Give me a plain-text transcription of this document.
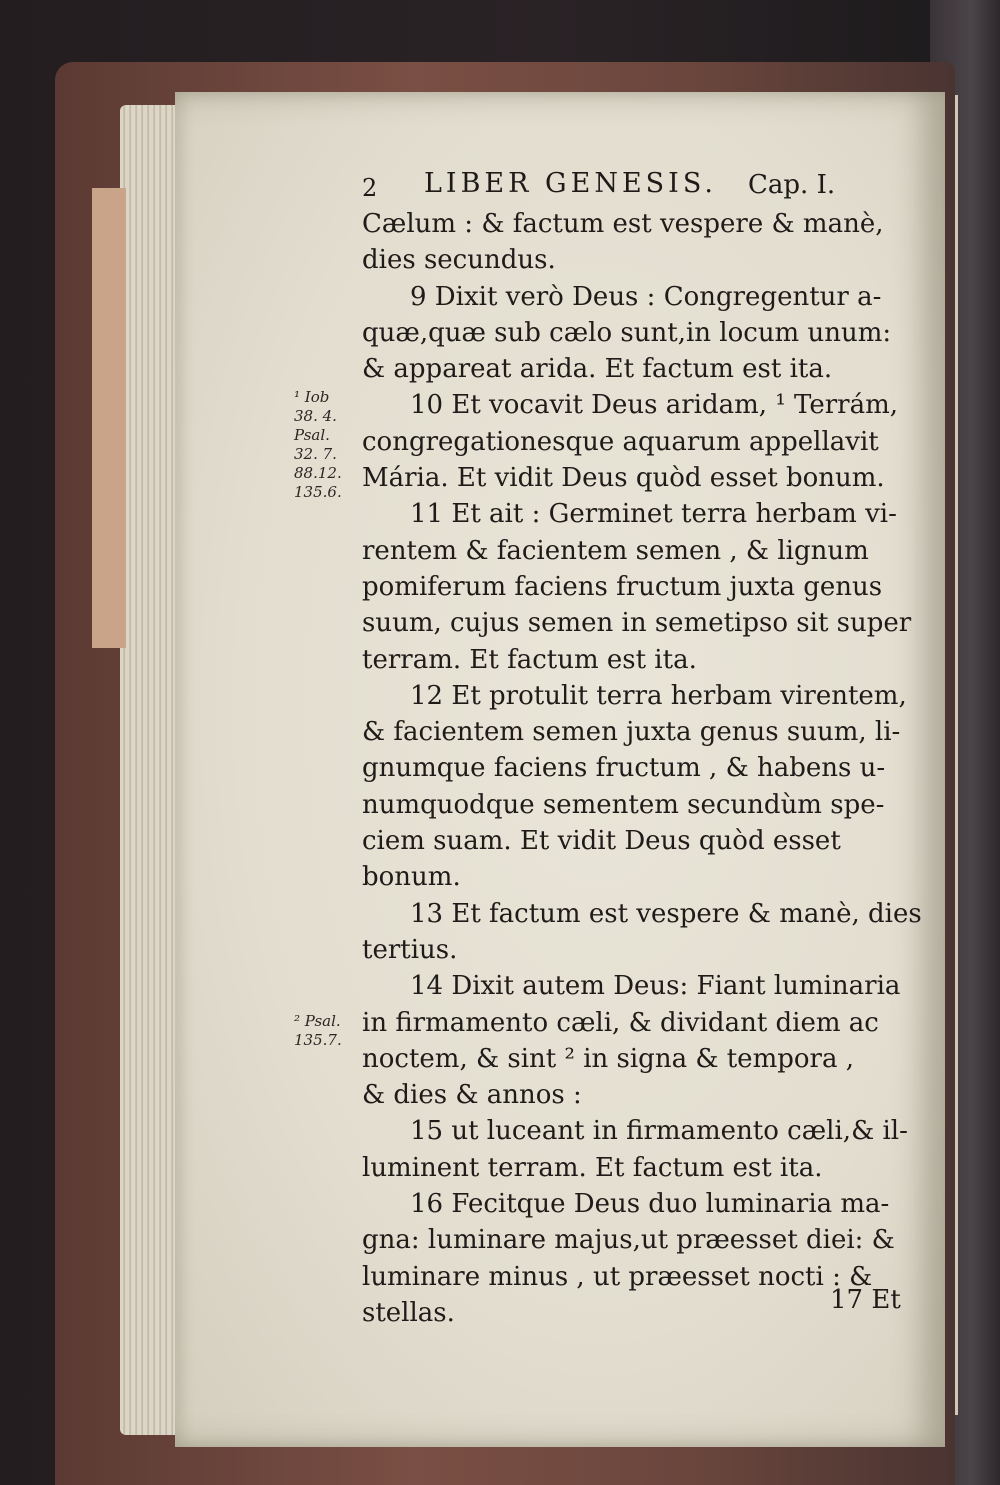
2 LIBER GENESIS. Cap. I.
Cælum : & factum est vespere & manè,
dies secundus.
9 Dixit verò Deus : Congregentur a-
quæ,quæ sub cælo sunt,in locum unum:
& appareat arida. Et factum est ita.
10 Et vocavit Deus aridam, ¹ Terrám,
congregationesque aquarum appellavit
Mária. Et vidit Deus quòd esset bonum.
11 Et ait : Germinet terra herbam vi-
rentem & facientem semen , & lignum
pomiferum faciens fructum juxta genus
suum, cujus semen in semetipso sit super
terram. Et factum est ita.
12 Et protulit terra herbam virentem,
& facientem semen juxta genus suum, li-
gnumque faciens fructum , & habens u-
numquodque sementem secundùm spe-
ciem suam. Et vidit Deus quòd esset
bonum.
13 Et factum est vespere & manè, dies
tertius.
14 Dixit autem Deus: Fiant luminaria
in firmamento cæli, & dividant diem ac
noctem, & sint ² in signa & tempora ,
& dies & annos :
15 ut luceant in firmamento cæli,& il-
luminent terram. Et factum est ita.
16 Fecitque Deus duo luminaria ma-
gna: luminare majus,ut præesset diei: &
luminare minus , ut præesset nocti : &
stellas.
¹ Iob
38. 4.
Psal.
32. 7.
88.12.
135.6.
² Psal.
135.7.
17 Et
